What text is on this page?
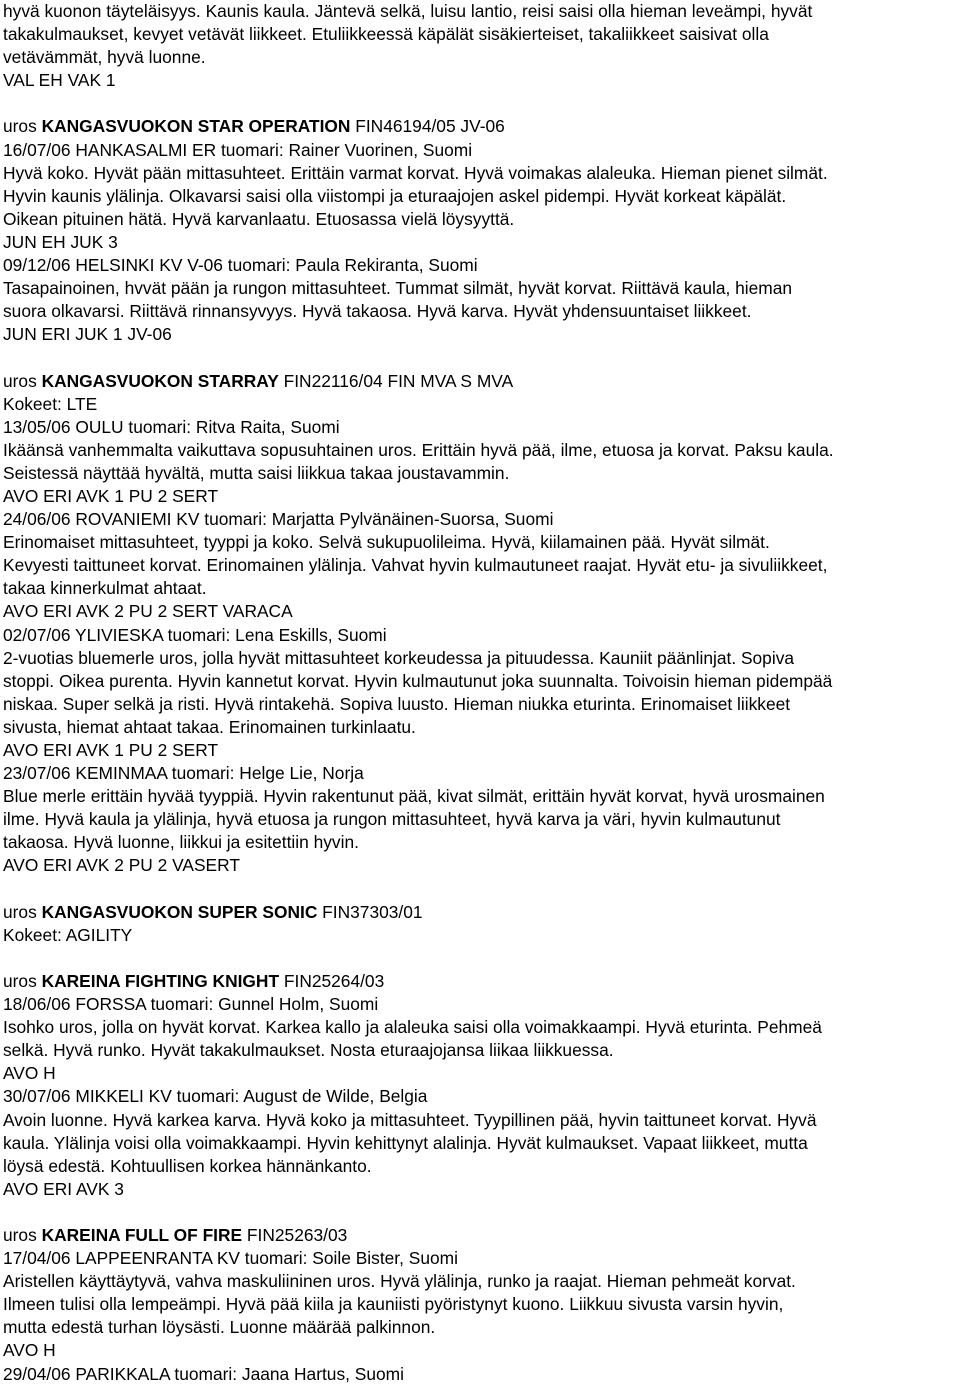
hyvä kuonon täyteläisyys. Kaunis kaula. Jäntevä selkä, luisu lantio, reisi saisi olla hieman leveämpi, hyvät
takakulmaukset, kevyet vetävät liikkeet. Etuliikkeessä käpälät sisäkierteiset, takaliikkeet saisivat olla
vetävämmät, hyvä luonne.
VAL EH VAK 1
uros KANGASVUOKON STAR OPERATION FIN46194/05 JV-06
16/07/06 HANKASALMI ER tuomari: Rainer Vuorinen, Suomi
Hyvä koko. Hyvät pään mittasuhteet. Erittäin varmat korvat. Hyvä voimakas alaleuka. Hieman pienet silmät.
Hyvin kaunis ylälinja. Olkavarsi saisi olla viistompi ja eturaajojen askel pidempi. Hyvät korkeat käpälät.
Oikean pituinen hätä. Hyvä karvanlaatu. Etuosassa vielä löysyyttä.
JUN EH JUK 3
09/12/06 HELSINKI KV V-06 tuomari: Paula Rekiranta, Suomi
Tasapainoinen, hvvät pään ja rungon mittasuhteet. Tummat silmät, hyvät korvat. Riittävä kaula, hieman
suora olkavarsi. Riittävä rinnansyvyys. Hyvä takaosa. Hyvä karva. Hyvät yhdensuuntaiset liikkeet.
JUN ERI JUK 1 JV-06
uros KANGASVUOKON STARRAY FIN22116/04 FIN MVA S MVA
Kokeet: LTE
13/05/06 OULU tuomari: Ritva Raita, Suomi
Ikäänsä vanhemmalta vaikuttava sopusuhtainen uros. Erittäin hyvä pää, ilme, etuosa ja korvat. Paksu kaula.
Seistessä näyttää hyvältä, mutta saisi liikkua takaa joustavammin.
AVO ERI AVK 1 PU 2 SERT
24/06/06 ROVANIEMI KV tuomari: Marjatta Pylvänäinen-Suorsa, Suomi
Erinomaiset mittasuhteet, tyyppi ja koko. Selvä sukupuolileima. Hyvä, kiilamainen pää. Hyvät silmät.
Kevyesti taittuneet korvat. Erinomainen ylälinja. Vahvat hyvin kulmautuneet raajat. Hyvät etu- ja sivuliikkeet,
takaa kinnerkulmat ahtaat.
AVO ERI AVK 2 PU 2 SERT VARACA
02/07/06 YLIVIESKA tuomari: Lena Eskills, Suomi
2-vuotias bluemerle uros, jolla hyvät mittasuhteet korkeudessa ja pituudessa. Kauniit päänlinjat. Sopiva
stoppi. Oikea purenta. Hyvin kannetut korvat. Hyvin kulmautunut joka suunnalta. Toivoisin hieman pidempää
niskaa. Super selkä ja risti. Hyvä rintakehä. Sopiva luusto. Hieman niukka eturinta. Erinomaiset liikkeet
sivusta, hiemat ahtaat takaa. Erinomainen turkinlaatu.
AVO ERI AVK 1 PU 2 SERT
23/07/06 KEMINMAA tuomari: Helge Lie, Norja
Blue merle erittäin hyvää tyyppiä. Hyvin rakentunut pää, kivat silmät, erittäin hyvät korvat, hyvä urosmainen
ilme. Hyvä kaula ja ylälinja, hyvä etuosa ja rungon mittasuhteet, hyvä karva ja väri, hyvin kulmautunut
takaosa. Hyvä luonne, liikkui ja esitettiin hyvin.
AVO ERI AVK 2 PU 2 VASERT
uros KANGASVUOKON SUPER SONIC FIN37303/01
Kokeet: AGILITY
uros KAREINA FIGHTING KNIGHT FIN25264/03
18/06/06 FORSSA tuomari: Gunnel Holm, Suomi
Isohko uros, jolla on hyvät korvat. Karkea kallo ja alaleuka saisi olla voimakkaampi. Hyvä eturinta. Pehmeä
selkä. Hyvä runko. Hyvät takakulmaukset. Nosta eturaajojansa liikaa liikkuessa.
AVO H
30/07/06 MIKKELI KV tuomari: August de Wilde, Belgia
Avoin luonne. Hyvä karkea karva. Hyvä koko ja mittasuhteet. Tyypillinen pää, hyvin taittuneet korvat. Hyvä
kaula. Ylälinja voisi olla voimakkaampi. Hyvin kehittynyt alalinja. Hyvät kulmaukset. Vapaat liikkeet, mutta
löysä edestä. Kohtuullisen korkea hännänkanto.
AVO ERI AVK 3
uros KAREINA FULL OF FIRE FIN25263/03
17/04/06 LAPPEENRANTA KV tuomari: Soile Bister, Suomi
Aristellen käyttäytyvä, vahva maskuliininen uros. Hyvä ylälinja, runko ja raajat. Hieman pehmeät korvat.
Ilmeen tulisi olla lempeämpi. Hyvä pää kiila ja kauniisti pyöristynyt kuono. Liikkuu sivusta varsin hyvin,
mutta edestä turhan löysästi. Luonne määrää palkinnon.
AVO H
29/04/06 PARIKKALA tuomari: Jaana Hartus, Suomi
